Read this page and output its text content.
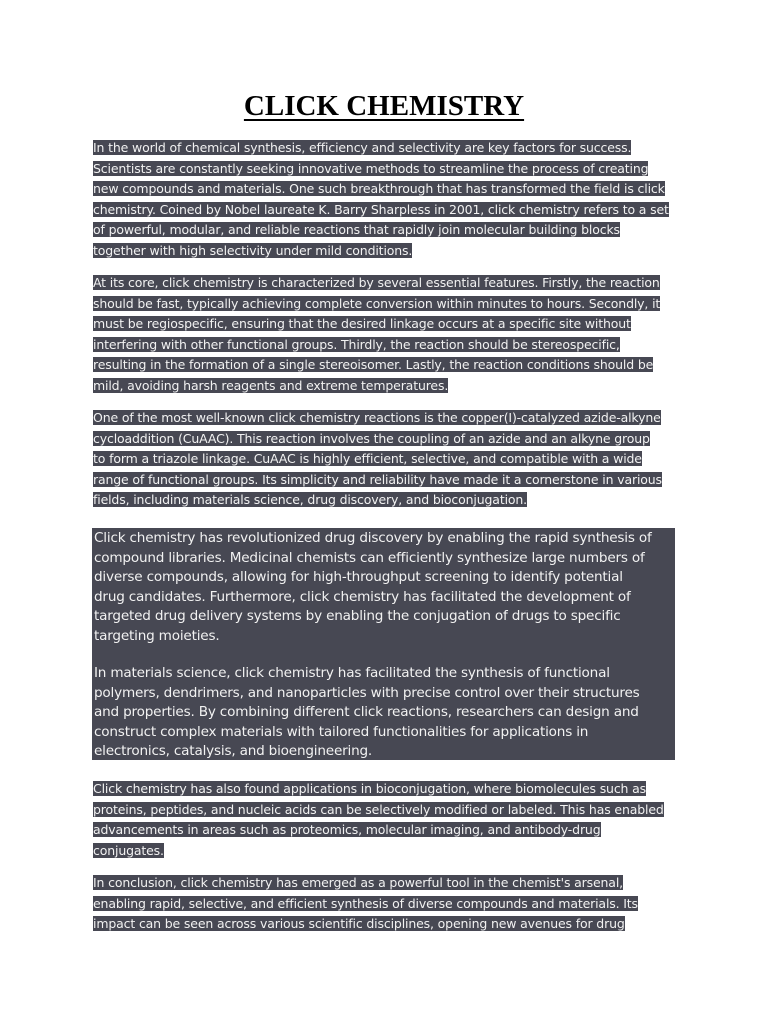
CLICK CHEMISTRY

In the world of chemical synthesis, efficiency and selectivity are key factors for success.
Scientists are constantly seeking innovative methods to streamline the process of creating
new compounds and materials. One such breakthrough that has transformed the field is click
chemistry. Coined by Nobel laureate K. Barry Sharpless in 2001, click chemistry refers to a set
of powerful, modular, and reliable reactions that rapidly join molecular building blocks
together with high selectivity under mild conditions.

At its core, click chemistry is characterized by several essential features. Firstly, the reaction
should be fast, typically achieving complete conversion within minutes to hours. Secondly, it
must be regiospecific, ensuring that the desired linkage occurs at a specific site without
interfering with other functional groups. Thirdly, the reaction should be stereospecific,
resulting in the formation of a single stereoisomer. Lastly, the reaction conditions should be
mild, avoiding harsh reagents and extreme temperatures.

One of the most well-known click chemistry reactions is the copper(I)-catalyzed azide-alkyne
cycloaddition (CuAAC). This reaction involves the coupling of an azide and an alkyne group
to form a triazole linkage. CuAAC is highly efficient, selective, and compatible with a wide
range of functional groups. Its simplicity and reliability have made it a cornerstone in various
fields, including materials science, drug discovery, and bioconjugation.

Click chemistry has revolutionized drug discovery by enabling the rapid synthesis of
compound libraries. Medicinal chemists can efficiently synthesize large numbers of
diverse compounds, allowing for high-throughput screening to identify potential
drug candidates. Furthermore, click chemistry has facilitated the development of
targeted drug delivery systems by enabling the conjugation of drugs to specific
targeting moieties.

In materials science, click chemistry has facilitated the synthesis of functional
polymers, dendrimers, and nanoparticles with precise control over their structures
and properties. By combining different click reactions, researchers can design and
construct complex materials with tailored functionalities for applications in
electronics, catalysis, and bioengineering.

Click chemistry has also found applications in bioconjugation, where biomolecules such as
proteins, peptides, and nucleic acids can be selectively modified or labeled. This has enabled
advancements in areas such as proteomics, molecular imaging, and antibody-drug
conjugates.

In conclusion, click chemistry has emerged as a powerful tool in the chemist's arsenal,
enabling rapid, selective, and efficient synthesis of diverse compounds and materials. Its
impact can be seen across various scientific disciplines, opening new avenues for drug
